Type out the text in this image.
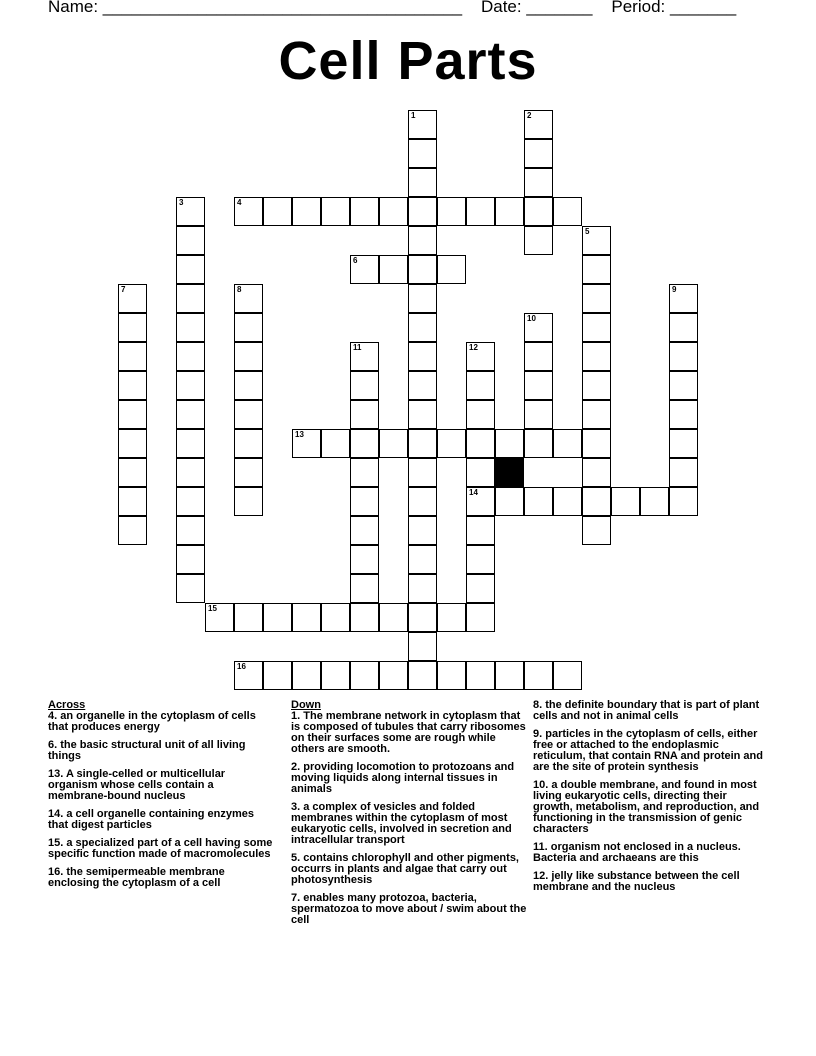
Name: ______________________________________    Date: _______    Period: _______
Cell Parts
1	2
3	4
5
6
7	8	9
10
11	12
14
13
15
16
Across
4. an organelle in the cytoplasm of cells that produces energy
6. the basic structural unit of all living things
13. A single-celled or multicellular organism whose cells contain a membrane-bound nucleus
14. a cell organelle containing enzymes that digest particles
15. a specialized part of a cell having some specific function made of macromolecules
16. the semipermeable membrane enclosing the cytoplasm of a cell
Down
1. The membrane network in cytoplasm that is composed of tubules that carry ribosomes on their surfaces some are rough while others are smooth.
2. providing locomotion to protozoans and moving liquids along internal tissues in animals
3. a complex of vesicles and folded membranes within the cytoplasm of most eukaryotic cells, involved in secretion and intracellular transport
5. contains chlorophyll and other pigments, occurrs in plants and algae that carry out photosynthesis
7. enables many protozoa, bacteria, spermatozoa to move about / swim about the cell
8. the definite boundary that is part of plant cells and not in animal cells
9. particles in the cytoplasm of cells, either free or attached to the endoplasmic reticulum, that contain RNA and protein and are the site of protein synthesis
10. a double membrane, and found in most living eukaryotic cells, directing their growth, metabolism, and reproduction, and functioning in the transmission of genic characters
11. organism not enclosed in a nucleus. Bacteria and archaeans are this
12. jelly like substance between the cell membrane and the nucleus
